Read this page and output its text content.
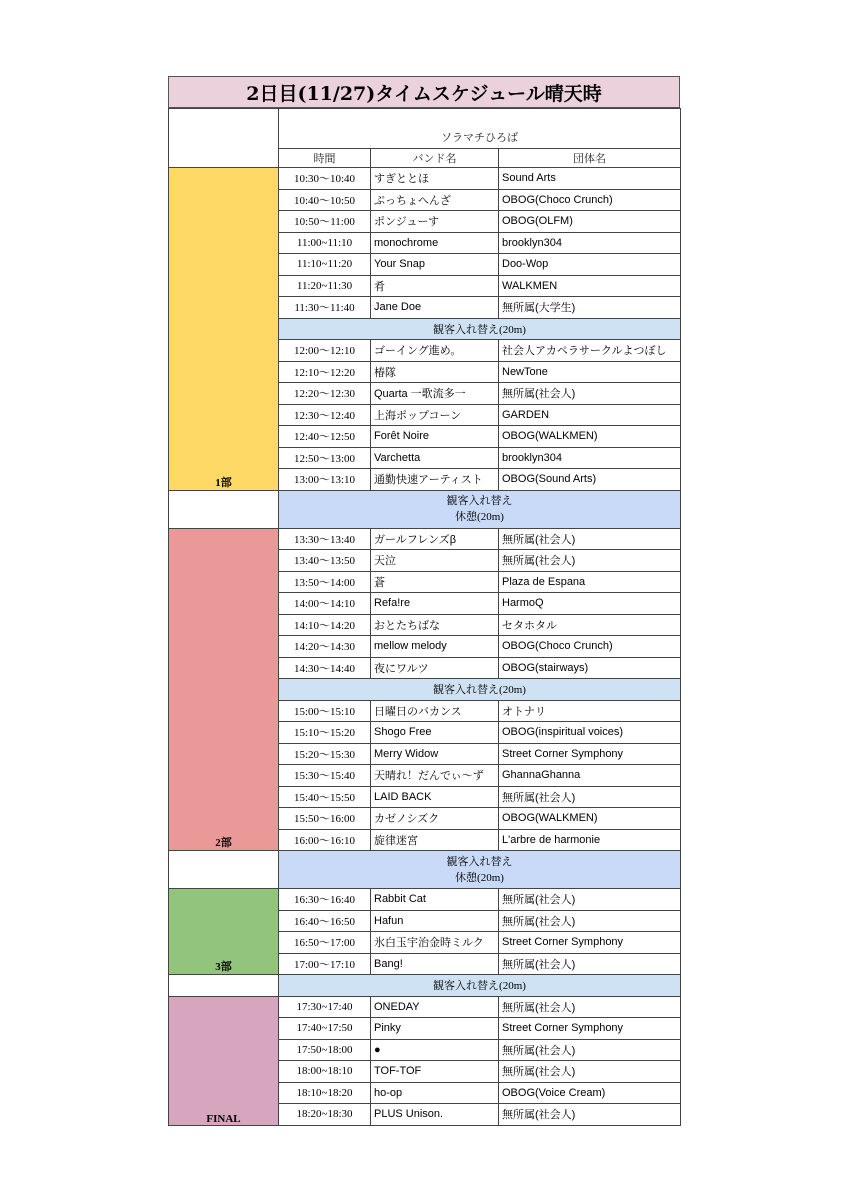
2日目(11/27)タイムスケジュール晴天時
	ソラマチひろば		
	時間	バンド名	団体名
1部	10:30〜10:40	すぎととほ	Sound Arts
	10:40〜10:50	ぷっちょへんざ	OBOG(Choco Crunch)
	10:50〜11:00	ポンジューす	OBOG(OLFM)
	11:00~11:10	monochrome	brooklyn304
	11:10~11:20	Your Snap	Doo-Wop
	11:20~11:30	肴	WALKMEN
	11:30〜11:40	Jane Doe	無所属(大学生)
	観客入れ替え(20m)		
	12:00〜12:10	ゴーイング進め。	社会人アカペラサークルよつぼし
	12:10〜12:20	椿隊	NewTone
	12:20〜12:30	Quarta 一歌流多一	無所属(社会人)
	12:30〜12:40	上海ポップコーン	GARDEN
	12:40〜12:50	Forêt Noire	OBOG(WALKMEN)
	12:50〜13:00	Varchetta	brooklyn304
	13:00〜13:10	通勤快速アーティスト	OBOG(Sound Arts)

	観客入れ替え
休憩(20m)		

2部	13:30〜13:40	ガールフレンズβ	無所属(社会人)
	13:40〜13:50	天泣	無所属(社会人)
	13:50〜14:00	蒼	Plaza de Espana
	14:00〜14:10	Refa!re	HarmoQ
	14:10〜14:20	おとたちばな	セタホタル
	14:20〜14:30	mellow melody	OBOG(Choco Crunch)
	14:30〜14:40	夜にワルツ	OBOG(stairways)
	観客入れ替え(20m)		
	15:00〜15:10	日曜日のバカンス	オトナリ
	15:10〜15:20	Shogo Free	OBOG(inspiritual voices)
	15:20〜15:30	Merry Widow	Street Corner Symphony
	15:30〜15:40	天晴れ！だんでぃ〜ず	GhannaGhanna
	15:40〜15:50	LAID BACK	無所属(社会人)
	15:50〜16:00	カゼノシズク	OBOG(WALKMEN)
	16:00〜16:10	旋律迷宮	L'arbre de harmonie

	観客入れ替え
休憩(20m)		

3部	16:30〜16:40	Rabbit Cat	無所属(社会人)
	16:40〜16:50	Hafun	無所属(社会人)
	16:50〜17:00	氷白玉宇治金時ミルク	Street Corner Symphony
	17:00〜17:10	Bang!	無所属(社会人)

	観客入れ替え(20m)		

FINAL	17:30~17:40	ONEDAY	無所属(社会人)
	17:40~17:50	Pinky	Street Corner Symphony
	17:50~18:00	●	無所属(社会人)
	18:00~18:10	TOF-TOF	無所属(社会人)
	18:10~18:20	ho-op	OBOG(Voice Cream)
	18:20~18:30	PLUS Unison.	無所属(社会人)
